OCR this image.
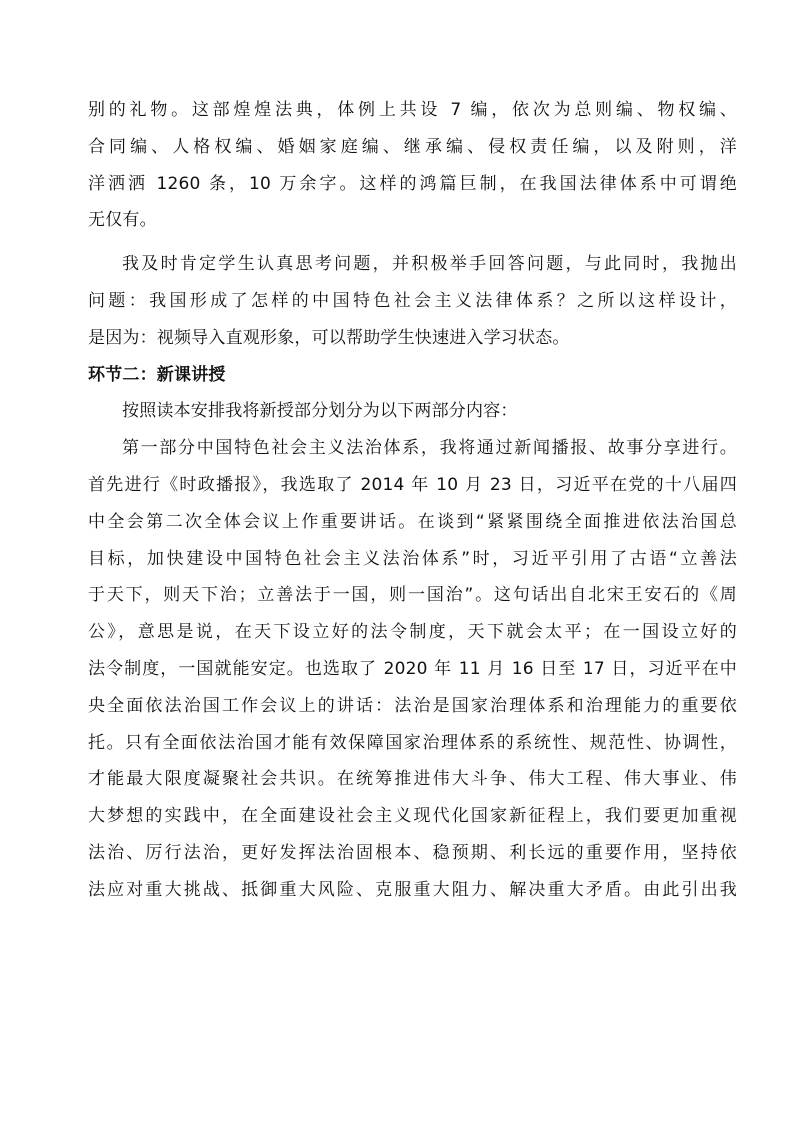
别的礼物。这部煌煌法典，体例上共设 7 编，依次为总则编、物权编、
合同编、人格权编、婚姻家庭编、继承编、侵权责任编，以及附则，洋
洋洒洒 1260 条，10 万余字。这样的鸿篇巨制，在我国法律体系中可谓绝
无仅有。
我及时肯定学生认真思考问题，并积极举手回答问题，与此同时，我抛出
问题：我国形成了怎样的中国特色社会主义法律体系？之所以这样设计，
是因为：视频导入直观形象，可以帮助学生快速进入学习状态。
环节二：新课讲授
按照读本安排我将新授部分划分为以下两部分内容：
第一部分中国特色社会主义法治体系，我将通过新闻播报、故事分享进行。
首先进行《时政播报》，我选取了 2014 年 10 月 23 日，习近平在党的十八届四
中全会第二次全体会议上作重要讲话。在谈到“紧紧围绕全面推进依法治国总
目标，加快建设中国特色社会主义法治体系”时，习近平引用了古语“立善法
于天下，则天下治；立善法于一国，则一国治”。这句话出自北宋王安石的《周
公》，意思是说，在天下设立好的法令制度，天下就会太平；在一国设立好的
法令制度，一国就能安定。也选取了 2020 年 11 月 16 日至 17 日，习近平在中
央全面依法治国工作会议上的讲话：法治是国家治理体系和治理能力的重要依
托。只有全面依法治国才能有效保障国家治理体系的系统性、规范性、协调性，
才能最大限度凝聚社会共识。在统筹推进伟大斗争、伟大工程、伟大事业、伟
大梦想的实践中，在全面建设社会主义现代化国家新征程上，我们要更加重视
法治、厉行法治，更好发挥法治固根本、稳预期、利长远的重要作用，坚持依
法应对重大挑战、抵御重大风险、克服重大阻力、解决重大矛盾。由此引出我
